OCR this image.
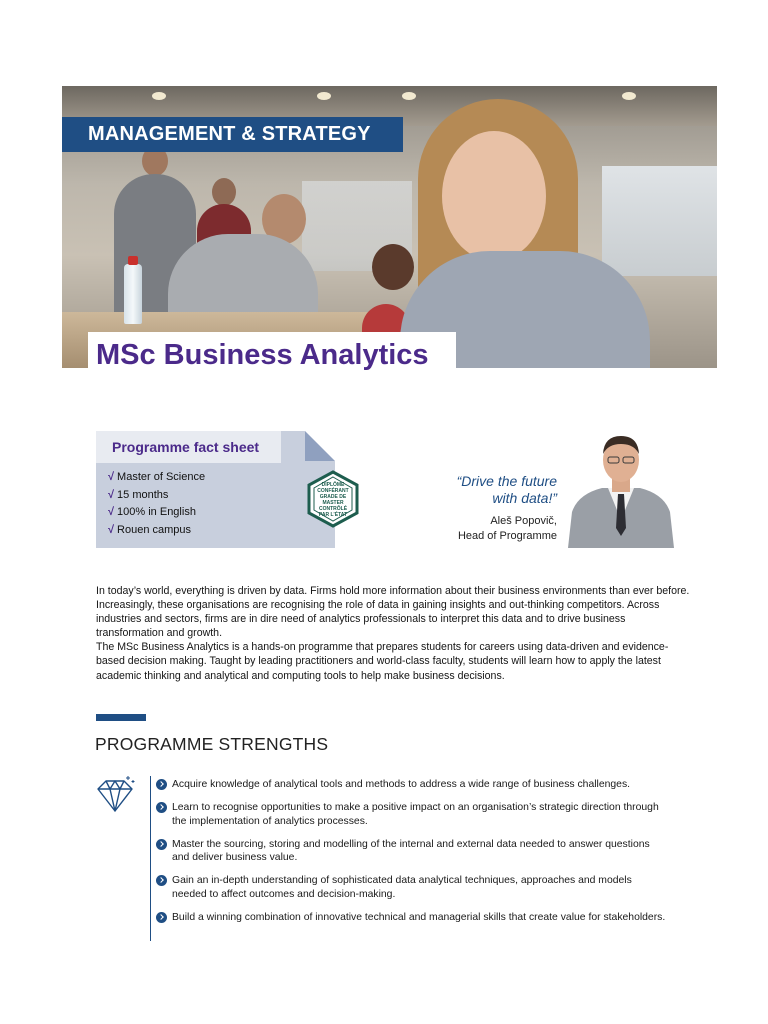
MANAGEMENT & STRATEGY
MSc Business Analytics
Programme fact sheet
√ Master of Science
√ 15 months
√ 100% in English
√ Rouen campus
DIPLÔME
CONFÉRANT
GRADE DE MASTER
CONTRÔLÉ
PAR L'ÉTAT
“Drive the future with data!”
Aleš Popovič,
Head of Programme

In today’s world, everything is driven by data. Firms hold more information about their business environments than ever before. Increasingly, these organisations are recognising the role of data in gaining insights and out-thinking competitors. Across industries and sectors, firms are in dire need of analytics professionals to interpret this data and to drive business transformation and growth.

The MSc Business Analytics is a hands-on programme that prepares students for careers using data-driven and evidence-based decision making. Taught by leading practitioners and world-class faculty, students will learn how to apply the latest academic thinking and analytical and computing tools to help make business decisions.

PROGRAMME STRENGTHS
Acquire knowledge of analytical tools and methods to address a wide range of business challenges.
Learn to recognise opportunities to make a positive impact on an organisation’s strategic direction through the implementation of analytics processes.
Master the sourcing, storing and modelling of the internal and external data needed to answer questions and deliver business value.
Gain an in-depth understanding of sophisticated data analytical techniques, approaches and models needed to affect outcomes and decision-making.
Build a winning combination of innovative technical and managerial skills that create value for stakeholders.
